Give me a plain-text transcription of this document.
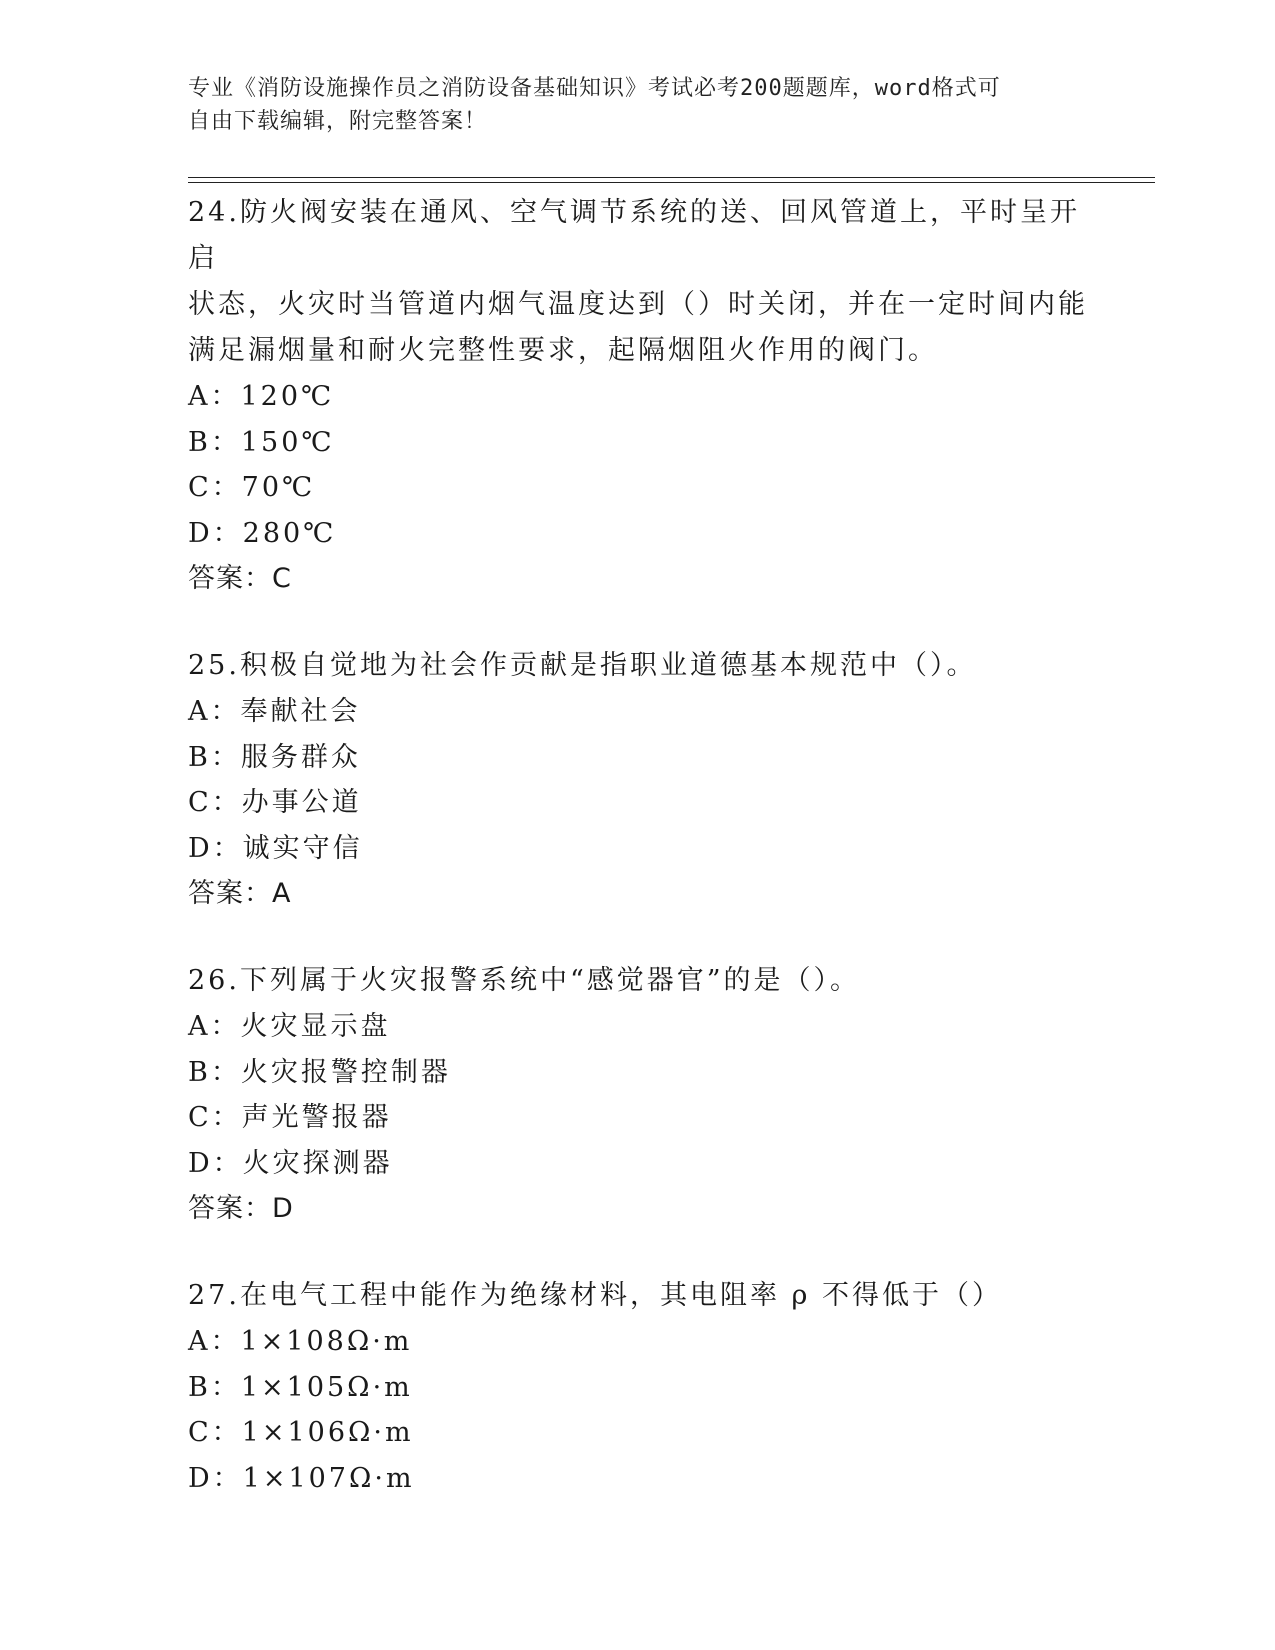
专业《消防设施操作员之消防设备基础知识》考试必考200题题库，word格式可
自由下载编辑，附完整答案！

24.防火阀安装在通风、空气调节系统的送、回风管道上，平时呈开启

状态，火灾时当管道内烟气温度达到（）时关闭，并在一定时间内能

满足漏烟量和耐火完整性要求，起隔烟阻火作用的阀门。

A：120℃

B：150℃

C：70℃

D：280℃

答案：C

25.积极自觉地为社会作贡献是指职业道德基本规范中（）。

A：奉献社会

B：服务群众

C：办事公道

D：诚实守信

答案：A

26.下列属于火灾报警系统中“感觉器官”的是（）。

A：火灾显示盘

B：火灾报警控制器

C：声光警报器

D：火灾探测器

答案：D

27.在电气工程中能作为绝缘材料，其电阻率 ρ 不得低于（）

A：1×108Ω·m

B：1×105Ω·m

C：1×106Ω·m

D：1×107Ω·m
